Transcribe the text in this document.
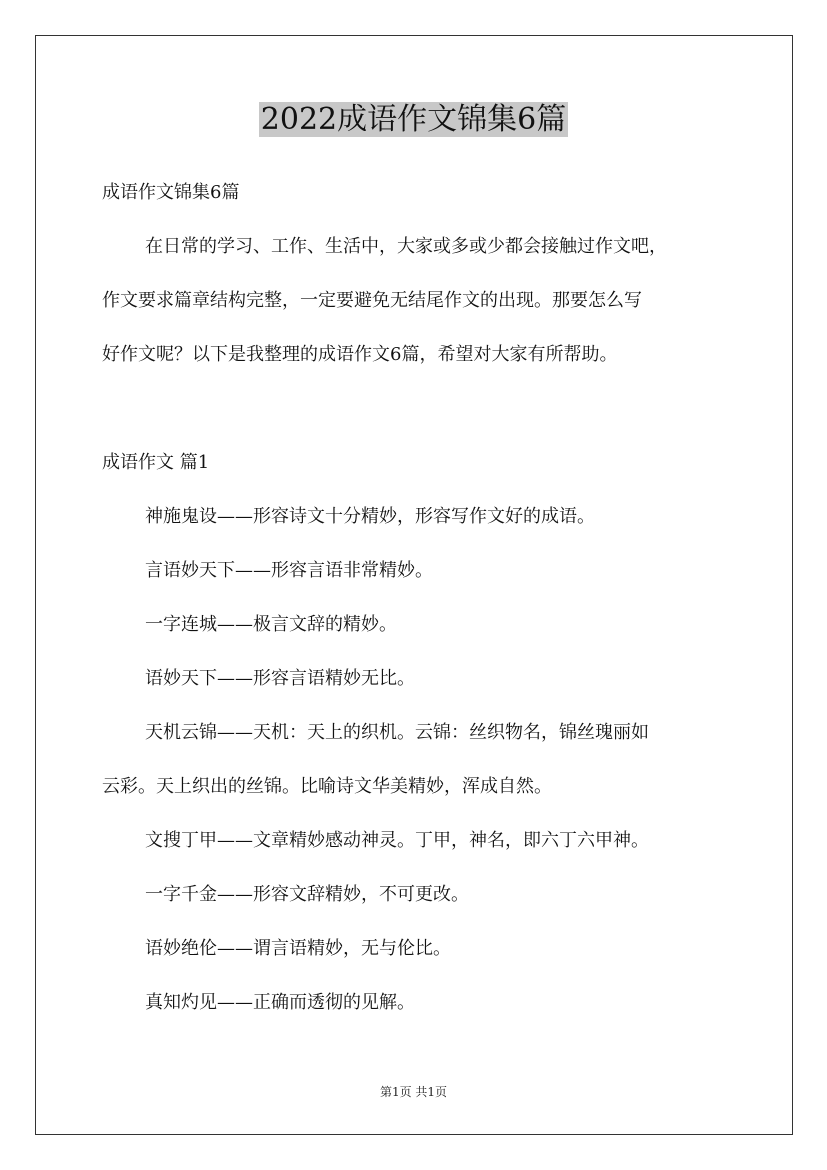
2022成语作文锦集6篇
成语作文锦集6篇
在日常的学习、工作、生活中，大家或多或少都会接触过作文吧，
作文要求篇章结构完整，一定要避免无结尾作文的出现。那要怎么写
好作文呢？以下是我整理的成语作文6篇，希望对大家有所帮助。
成语作文 篇1
神施鬼设——形容诗文十分精妙，形容写作文好的成语。
言语妙天下——形容言语非常精妙。
一字连城——极言文辞的精妙。
语妙天下——形容言语精妙无比。
天机云锦——天机：天上的织机。云锦：丝织物名，锦丝瑰丽如
云彩。天上织出的丝锦。比喻诗文华美精妙，浑成自然。
文搜丁甲——文章精妙感动神灵。丁甲，神名，即六丁六甲神。
一字千金——形容文辞精妙，不可更改。
语妙绝伦——谓言语精妙，无与伦比。
真知灼见——正确而透彻的见解。
第1页 共1页
